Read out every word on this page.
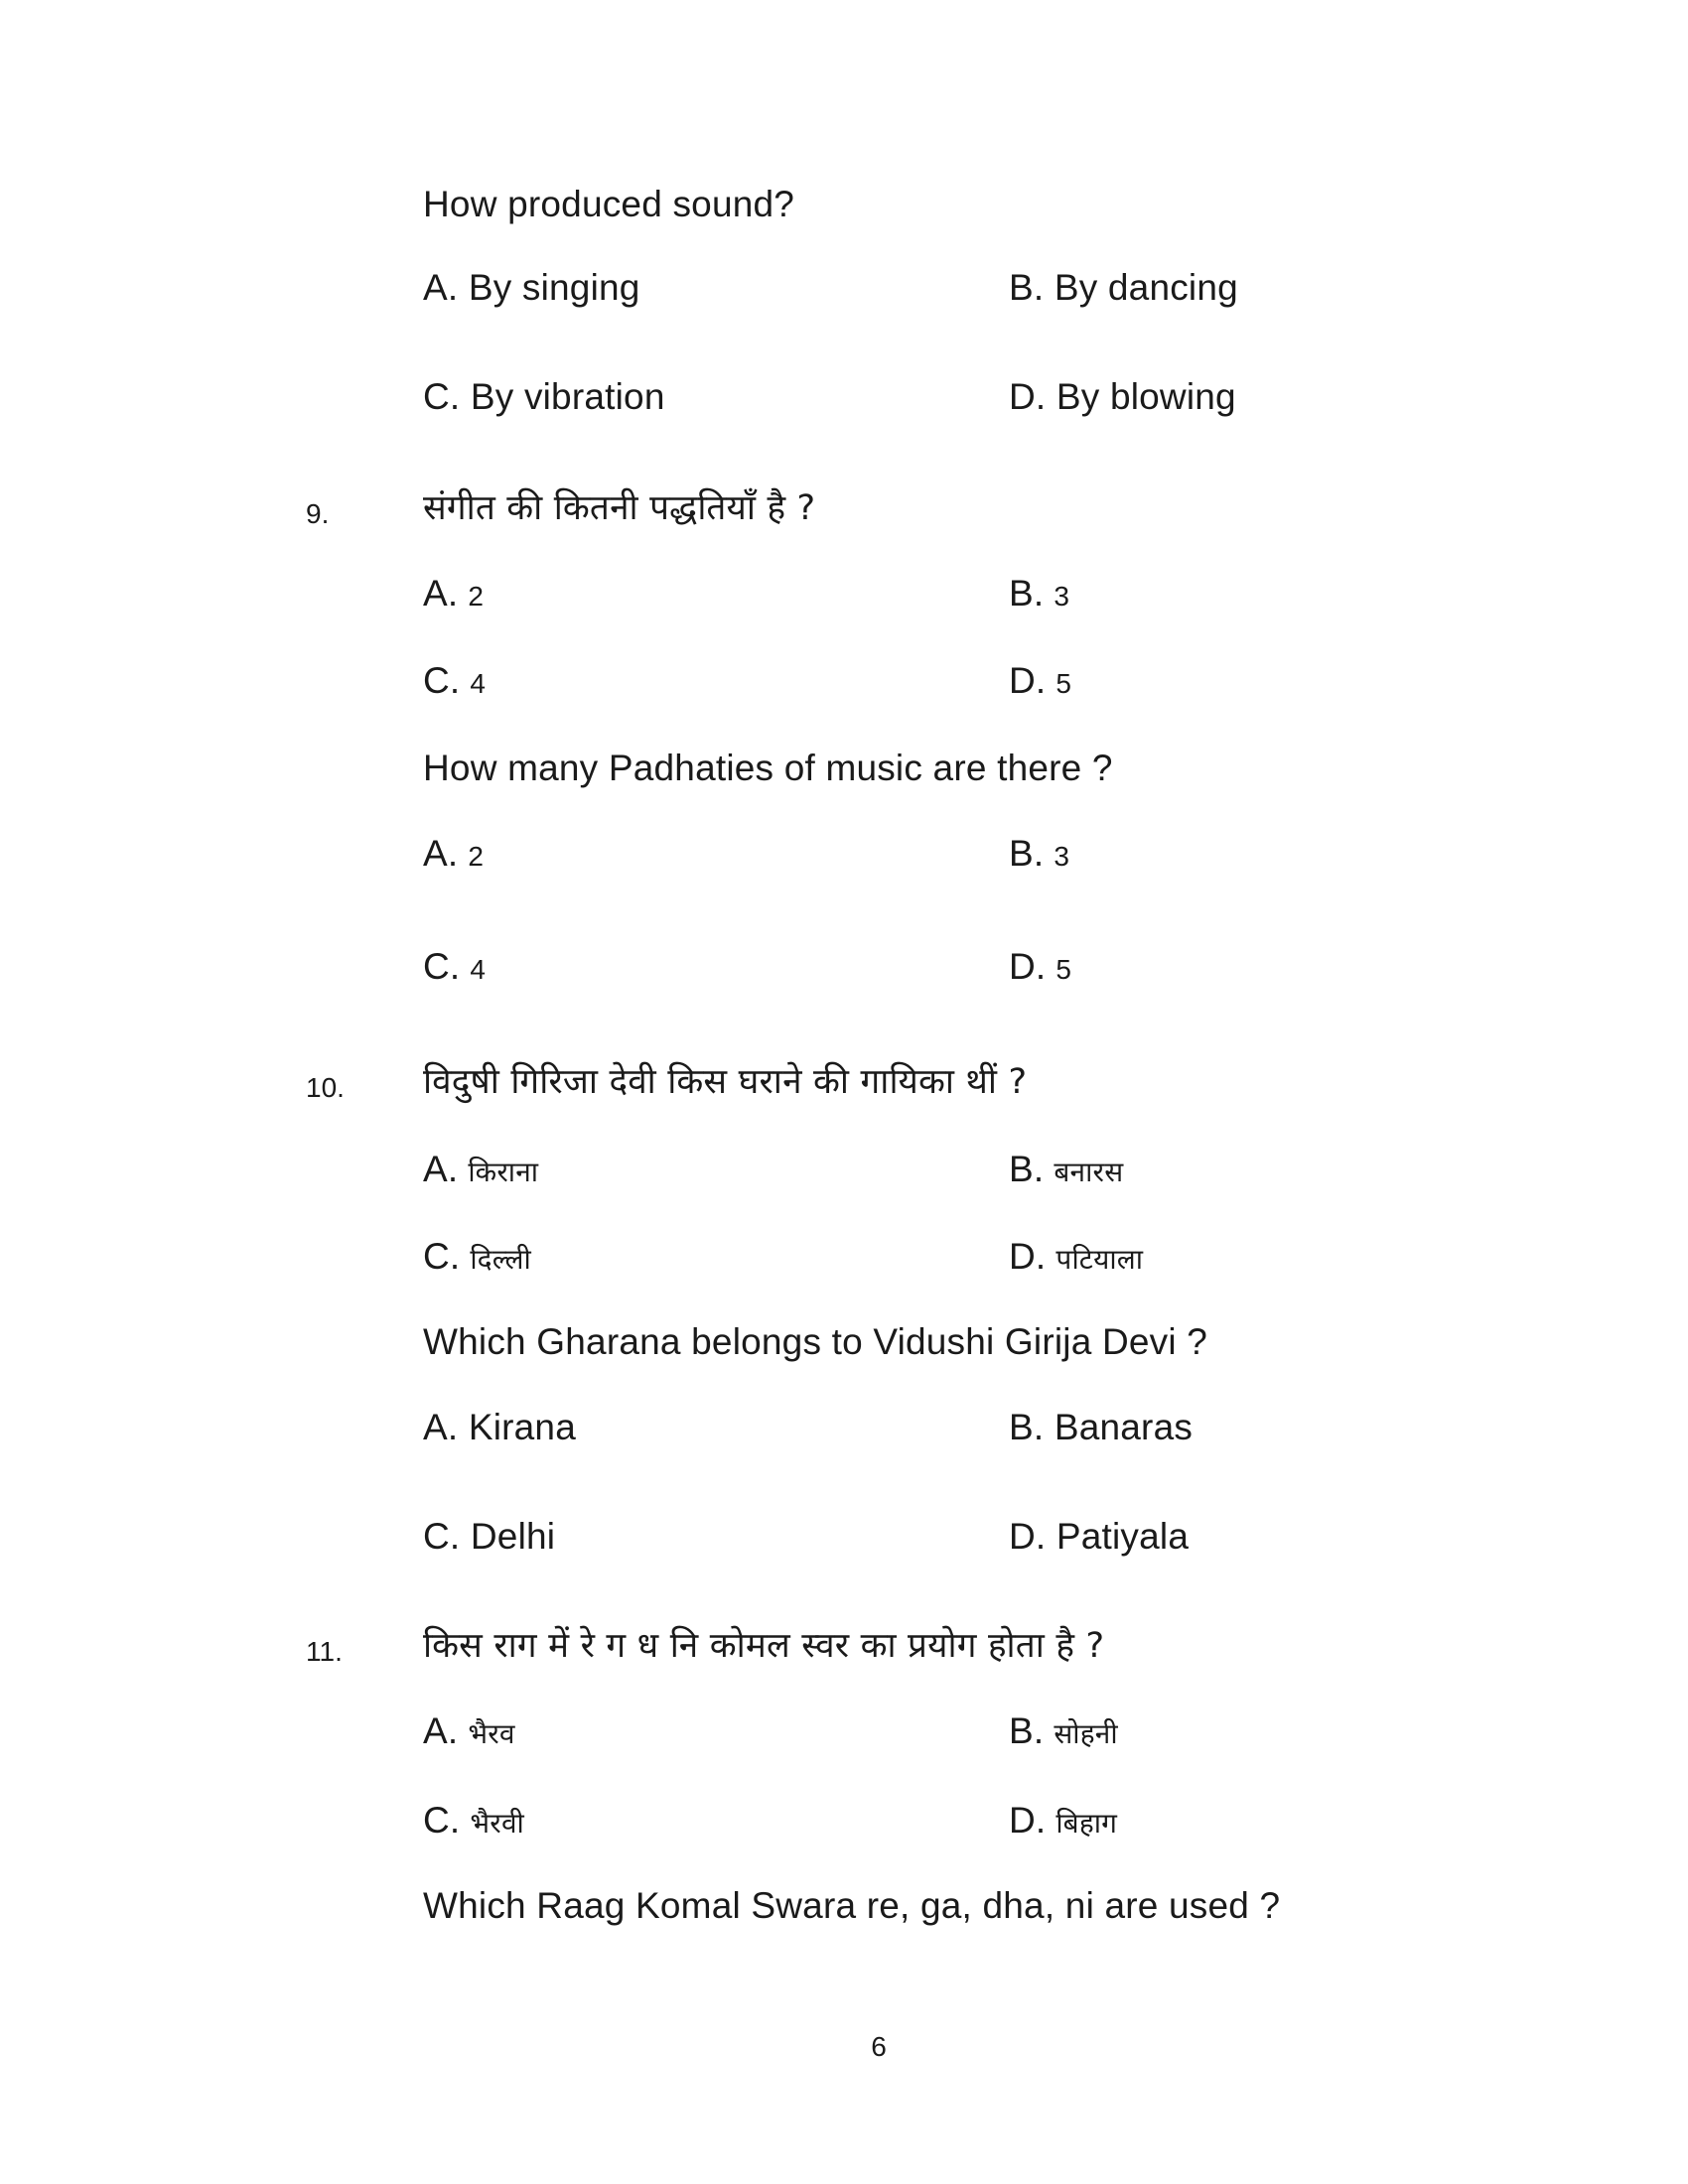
How produced sound?
A. By singing	B. By dancing
C. By vibration	D. By blowing
9.	संगीत की कितनी पद्धतियाँ है ?
A. 2	B. 3
C. 4	D. 5
How many Padhaties of music are there ?
A. 2	B. 3
C. 4	D. 5
10. विदुषी गिरिजा देवी किस घराने की गायिका थीं ?
A. किराना	B. बनारस
C. दिल्ली	D. पटियाला
Which Gharana belongs to Vidushi Girija Devi ?
A. Kirana	B. Banaras
C. Delhi	D. Patiyala
11. किस राग में रे ग ध नि कोमल स्वर का प्रयोग होता है ?
A. भैरव	B. सोहनी
C. भैरवी	D. बिहाग
Which Raag Komal Swara re, ga, dha, ni are used ?
6
